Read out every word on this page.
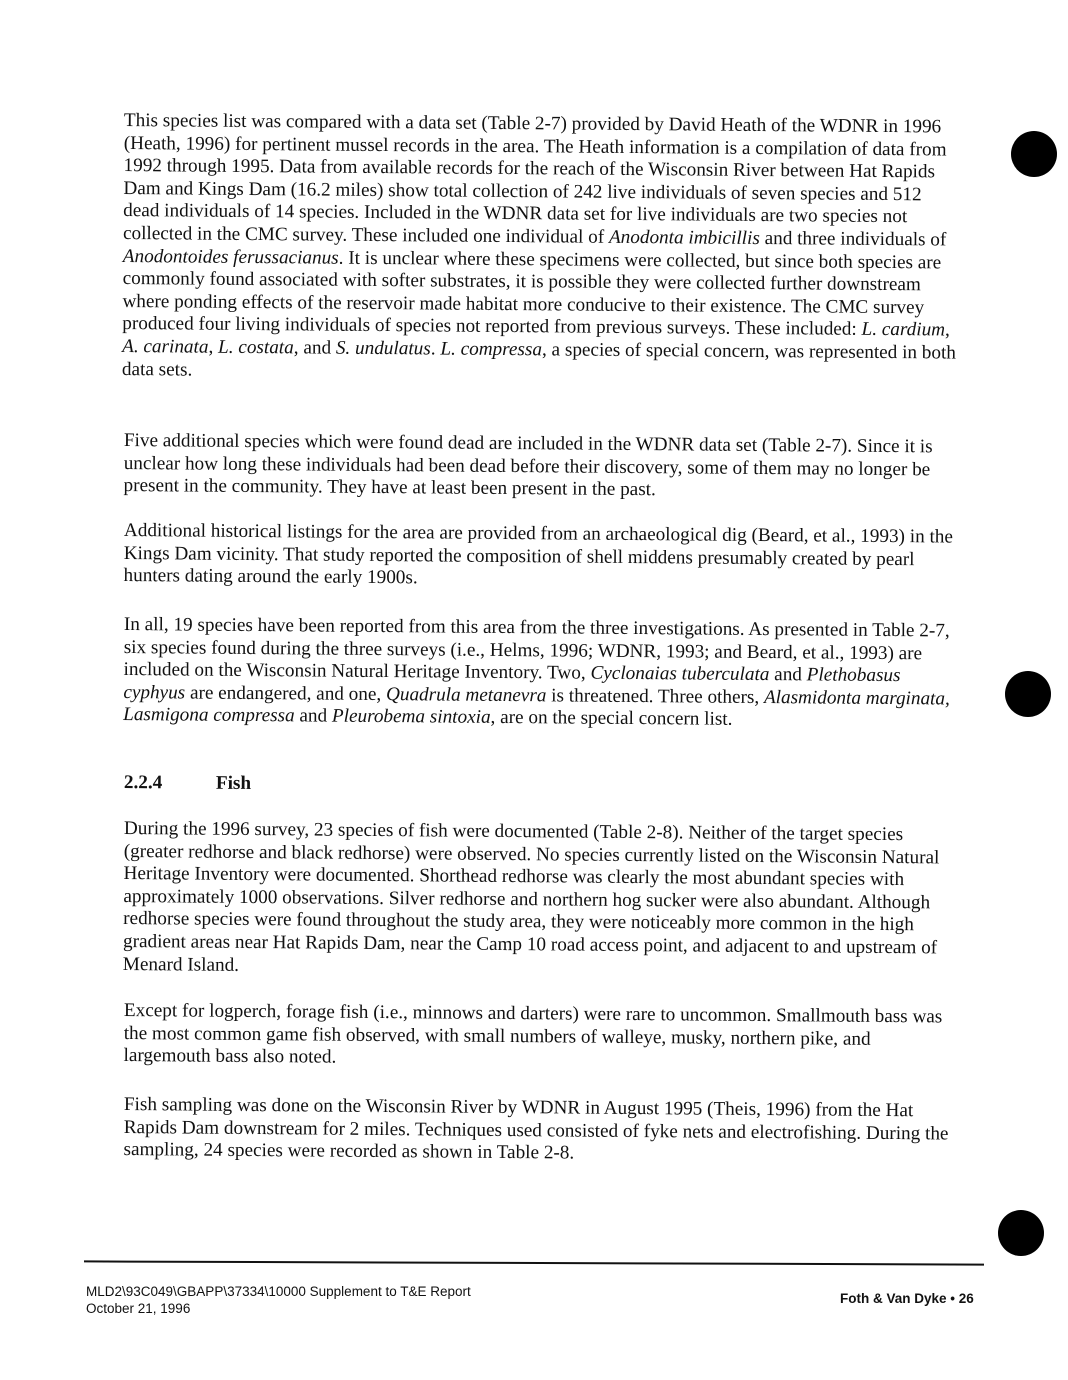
This species list was compared with a data set (Table 2-7) provided by David Heath of the WDNR in 1996 (Heath, 1996) for pertinent mussel records in the area. The Heath information is a compilation of data from 1992 through 1995. Data from available records for the reach of the Wisconsin River between Hat Rapids Dam and Kings Dam (16.2 miles) show total collection of 242 live individuals of seven species and 512 dead individuals of 14 species. Included in the WDNR data set for live individuals are two species not collected in the CMC survey. These included one individual of Anodonta imbicillis and three individuals of Anodontoides ferussacianus. It is unclear where these specimens were collected, but since both species are commonly found associated with softer substrates, it is possible they were collected further downstream where ponding effects of the reservoir made habitat more conducive to their existence. The CMC survey produced four living individuals of species not reported from previous surveys. These included: L. cardium, A. carinata, L. costata, and S. undulatus. L. compressa, a species of special concern, was represented in both data sets.

Five additional species which were found dead are included in the WDNR data set (Table 2-7). Since it is unclear how long these individuals had been dead before their discovery, some of them may no longer be present in the community. They have at least been present in the past.

Additional historical listings for the area are provided from an archaeological dig (Beard, et al., 1993) in the Kings Dam vicinity. That study reported the composition of shell middens presumably created by pearl hunters dating around the early 1900s.

In all, 19 species have been reported from this area from the three investigations. As presented in Table 2-7, six species found during the three surveys (i.e., Helms, 1996; WDNR, 1993; and Beard, et al., 1993) are included on the Wisconsin Natural Heritage Inventory. Two, Cyclonaias tuberculata and Plethobasus cyphyus are endangered, and one, Quadrula metanevra is threatened. Three others, Alasmidonta marginata, Lasmigona compressa and Pleurobema sintoxia, are on the special concern list.

2.2.4	Fish

During the 1996 survey, 23 species of fish were documented (Table 2-8). Neither of the target species (greater redhorse and black redhorse) were observed. No species currently listed on the Wisconsin Natural Heritage Inventory were documented. Shorthead redhorse was clearly the most abundant species with approximately 1000 observations. Silver redhorse and northern hog sucker were also abundant. Although redhorse species were found throughout the study area, they were noticeably more common in the high gradient areas near Hat Rapids Dam, near the Camp 10 road access point, and adjacent to and upstream of Menard Island.

Except for logperch, forage fish (i.e., minnows and darters) were rare to uncommon. Smallmouth bass was the most common game fish observed, with small numbers of walleye, musky, northern pike, and largemouth bass also noted.

Fish sampling was done on the Wisconsin River by WDNR in August 1995 (Theis, 1996) from the Hat Rapids Dam downstream for 2 miles. Techniques used consisted of fyke nets and electrofishing. During the sampling, 24 species were recorded as shown in Table 2-8.

MLD2\93C049\GBAPP\37334\10000 Supplement to T&E Report
October 21, 1996
Foth & Van Dyke • 26
